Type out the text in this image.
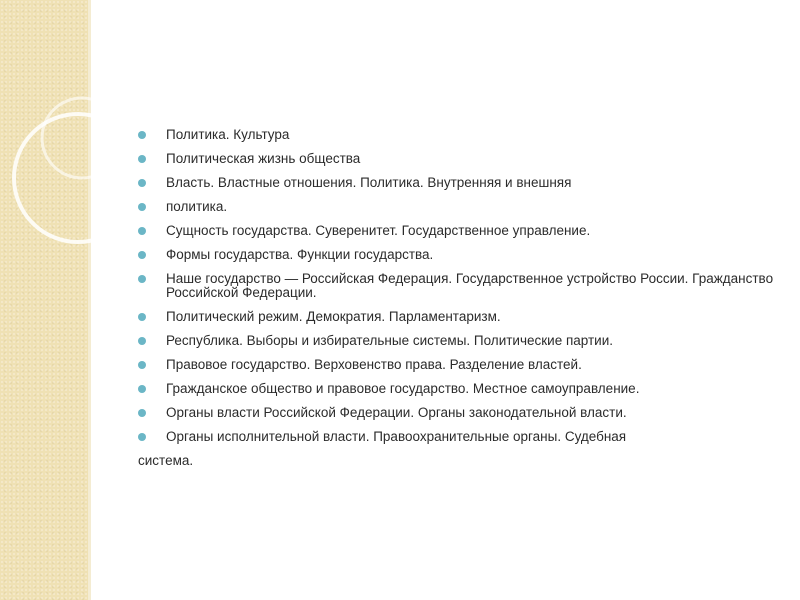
Политика. Культура
Политическая жизнь общества
Власть. Властные отношения. Политика. Внутренняя и внешняя
политика.
Сущность государства. Суверенитет. Государственное управление.
Формы государства. Функции государства.
Наше государство — Российская Федерация. Государственное устройство России. Гражданство Российской Федерации.
Политический режим. Демократия. Парламентаризм.
Республика. Выборы и избирательные системы. Политические партии.
Правовое государство. Верховенство права. Разделение властей.
Гражданское общество и правовое государство. Местное самоуправление.
Органы власти Российской Федерации. Органы законодательной власти.
Органы исполнительной власти. Правоохранительные органы. Судебная
система.
